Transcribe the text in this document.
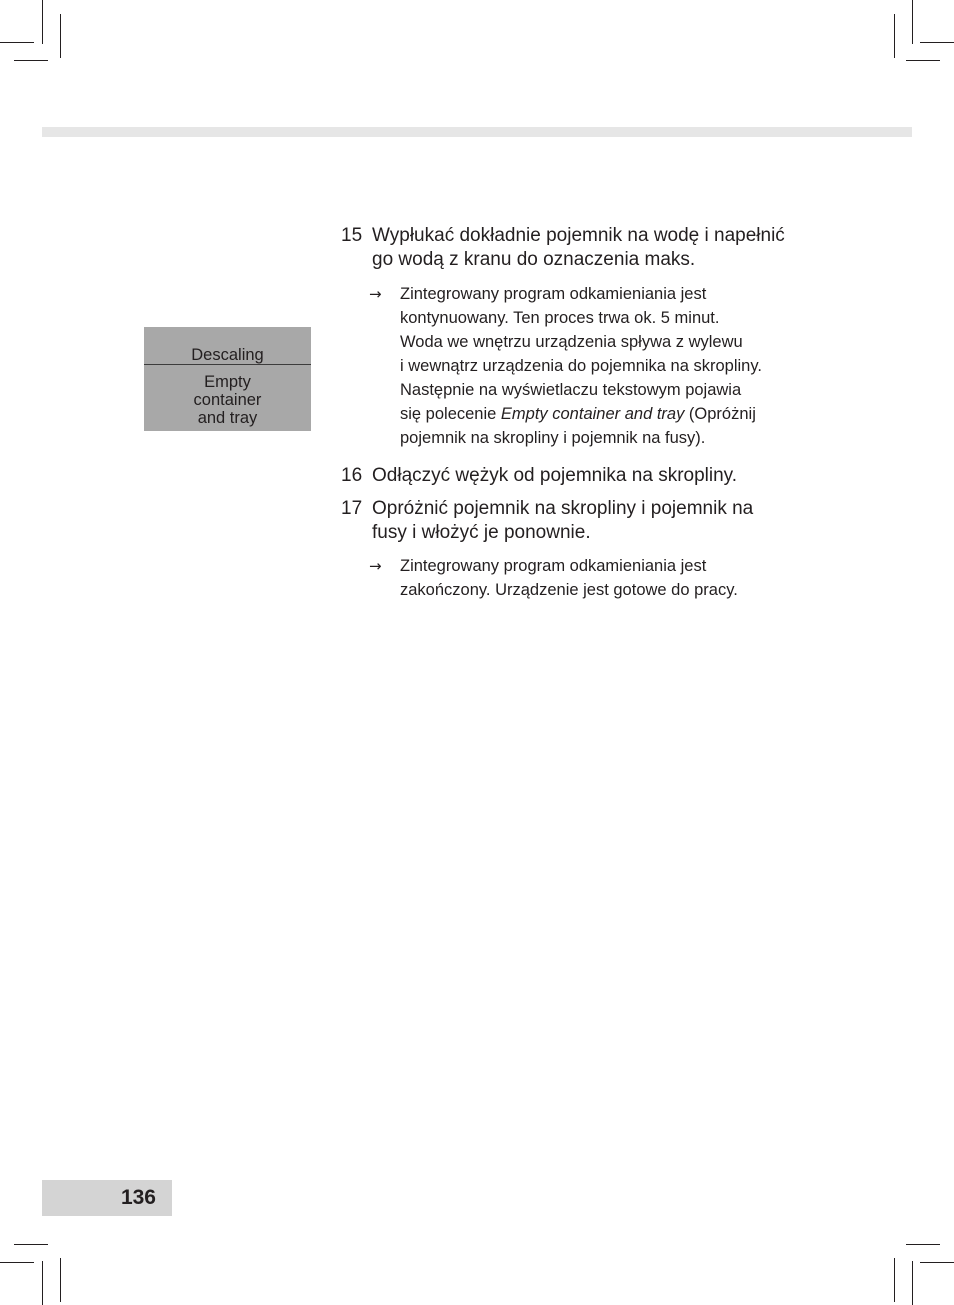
Descaling
Empty
container
and tray
15 Wypłukać dokładnie pojemnik na wodę i napełnić
go wodą z kranu do oznaczenia maks.
→ Zintegrowany program odkamieniania jest
kontynuowany. Ten proces trwa ok. 5 minut.
Woda we wnętrzu urządzenia spływa z wylewu
i wewnątrz urządzenia do pojemnika na skropliny.
Następnie na wyświetlaczu tekstowym pojawia
się polecenie Empty container and tray (Opróżnij
pojemnik na skropliny i pojemnik na fusy).
16 Odłączyć wężyk od pojemnika na skropliny.
17 Opróżnić pojemnik na skropliny i pojemnik na
fusy i włożyć je ponownie.
→ Zintegrowany program odkamieniania jest
zakończony. Urządzenie jest gotowe do pracy.
136
